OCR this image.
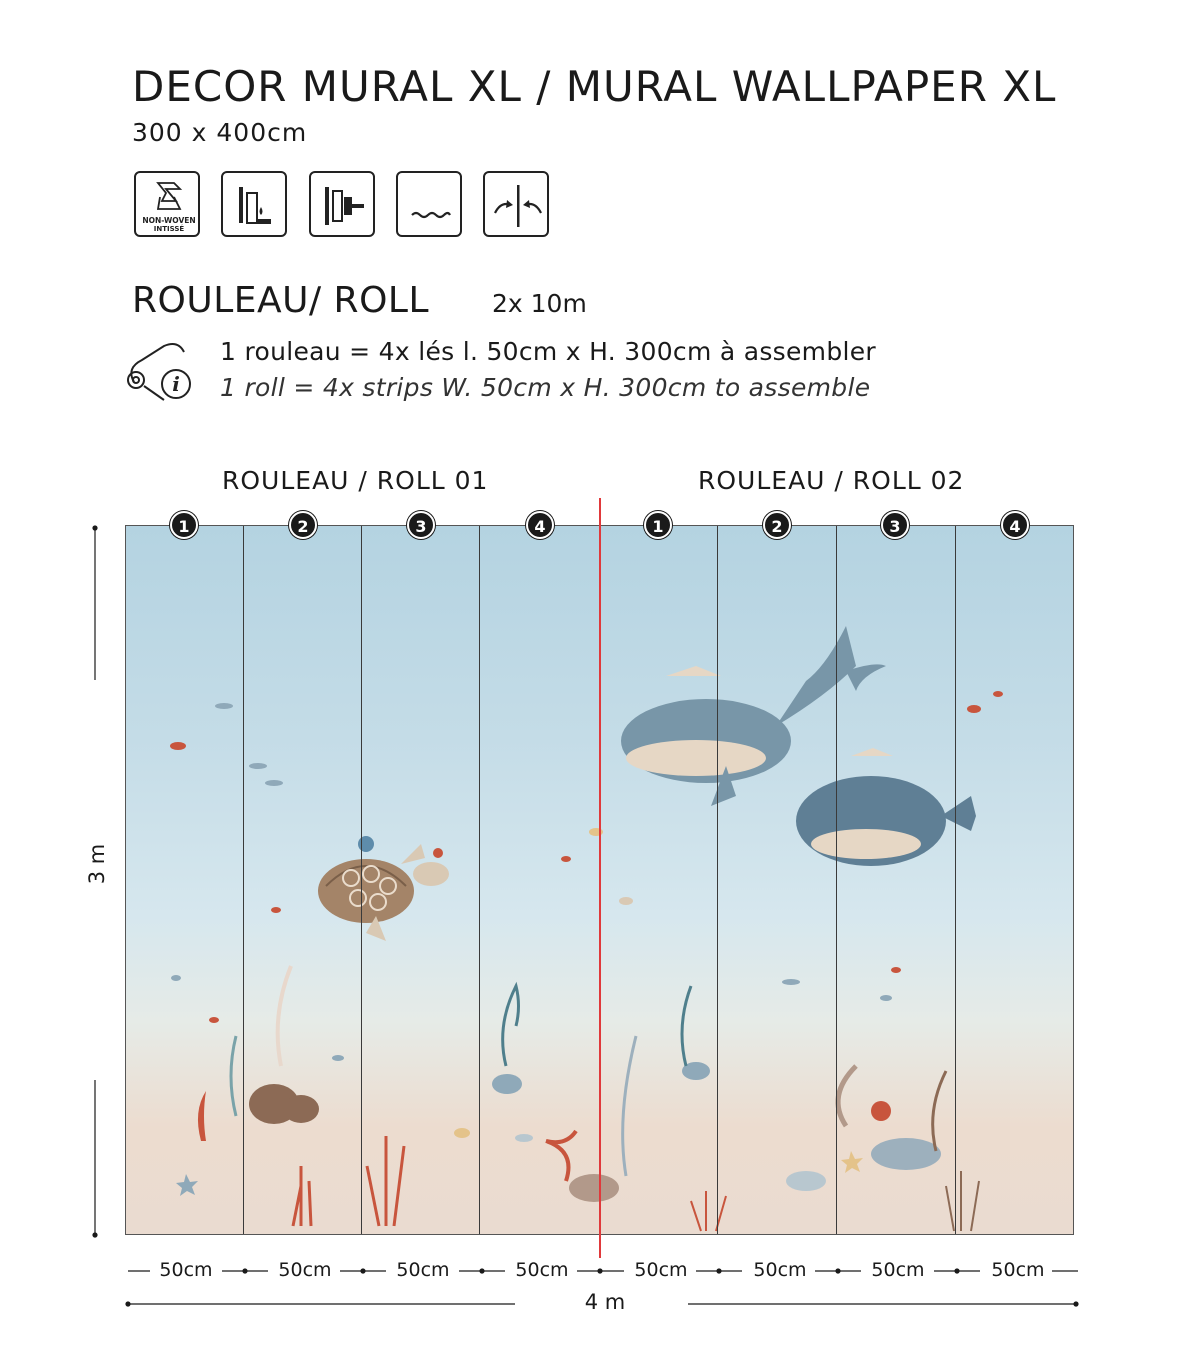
DECOR MURAL XL / MURAL WALLPAPER XL
300 x 400cm
NON-WOVEN
INTISSÉ
ROULEAU/ ROLL	2x 10m
i
1 rouleau = 4x lés l. 50cm x H. 300cm à assembler
1 roll = 4x strips W. 50cm x H. 300cm to assemble
ROULEAU / ROLL 01	ROULEAU / ROLL 02
1	2	3	4	1	2	3	4
50cm	50cm	50cm	50cm	50cm	50cm	50cm	50cm
4 m
3 m
